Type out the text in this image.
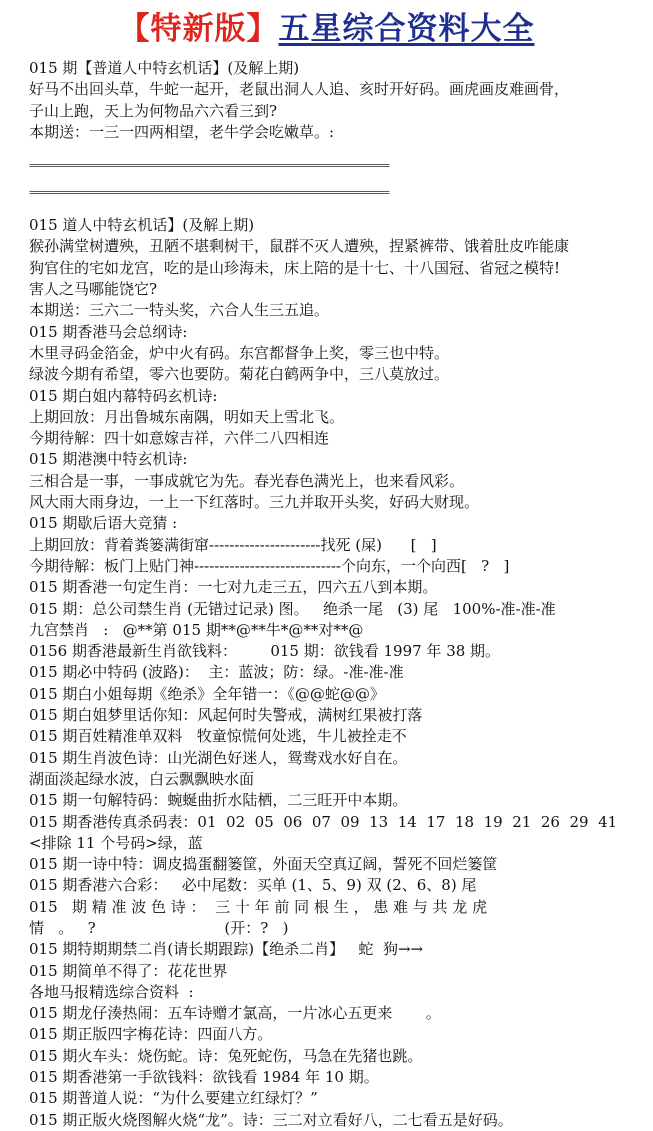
【特新版】 五星综合资料大全
015 期【普道人中特玄机话】(及解上期)
好马不出回头草，牛蛇一起开，老鼠出洞人人追、亥时开好码。画虎画皮难画骨，
子山上跑，天上为何物品六六看三到?
本期送：一三一四两相望，老牛学会吃嫩草。:
================================================================
================================================================
015 道人中特玄机话】(及解上期)
猴孙满堂树遭殃，丑陋不堪剩树干，鼠群不灭人遭殃，捏紧裤带、饿着肚皮咋能康
狗官住的宅如龙宫，吃的是山珍海未，床上陪的是十七、十八国冠、省冠之模特!
害人之马哪能饶它?
本期送：三六二一特头奖，六合人生三五追。
015 期香港马会总纲诗:
木里寻码金箔金，炉中火有码。东宫都督争上奖，零三也中特。
绿波今期有希望，零六也要防。菊花白鹤两争中，三八莫放过。
015 期白姐内幕特码玄机诗:
上期回放：月出鲁城东南隅，明如天上雪北飞。
今期待解：四十如意嫁吉祥，六伴二八四相连
015 期港澳中特玄机诗:
三相合是一事，一事成就它为先。春光春色满光上，也来看风彩。
风大雨大雨身边，一上一下红落时。三九并取开头奖，好码大财现。
015 期歇后语大竞猜 :
上期回放：背着粪篓满街窜----------------------找死 (屎)      [   ]
今期待解：板门上贴门神-----------------------------个向东，一个向西[   ?   ]
015 期香港一句定生肖：一七对九走三五，四六五八到本期。
015 期：总公司禁生肖 (无错过记录) 图。   绝杀一尾   (3) 尾   100%-准-准-准
九宫禁肖   :   @**第 015 期**@**牛*@**对**@
0156 期香港最新生肖欲钱料：       015 期：欲钱看 1997 年 38 期。
015 期必中特码 (波路)：  主：蓝波；防：绿。-准-准-准
015 期白小姐每期《绝杀》全年错一：《@@蛇@@》
015 期白姐梦里话你知：风起何时失警戒，满树红果被打落
015 期百姓精准单双料   牧童惊慌何处逃，牛儿被拴走不
015 期生肖波色诗：山光湖色好迷人，鸳鸯戏水好自在。
湖面淡起绿水波，白云飘飘映水面
015 期一句解特码：蜿蜒曲折水陆栖，二三旺开中本期。
015 期香港传真杀码表：01  02  05  06  07  09  13  14  17  18  19  21  26  29  41
<排除 11 个号码>绿，蓝
015 期一诗中特：调皮捣蛋翻篓筐，外面天空真辽阔，誓死不回烂篓筐
015 期香港六合彩：   必中尾数：买单 (1、5、9) 双 (2、6、8) 尾
015   期 精 准 波 色 诗 ：  三 十 年 前 同 根 生 ， 患 难 与 共 龙 虎
情   。   ?                           (开：?   )
015 期特期期禁二肖(请长期跟踪)【绝杀二肖】   蛇  狗→→
015 期简单不得了：花花世界
各地马报精选综合资料  :
015 期龙仔湊热闹：五车诗赠才氯高，一片冰心五更来       。
015 期正版四字梅花诗：四面八方。
015 期火车头：烧伤蛇。诗：兔死蛇伤，马急在先猪也跳。
015 期香港第一手欲钱料：欲钱看 1984 年 10 期。
015 期普道人说：“为什么要建立红绿灯？”
015 期正版火烧图解火烧“龙”。诗：三二对立看好八，二七看五是好码。
